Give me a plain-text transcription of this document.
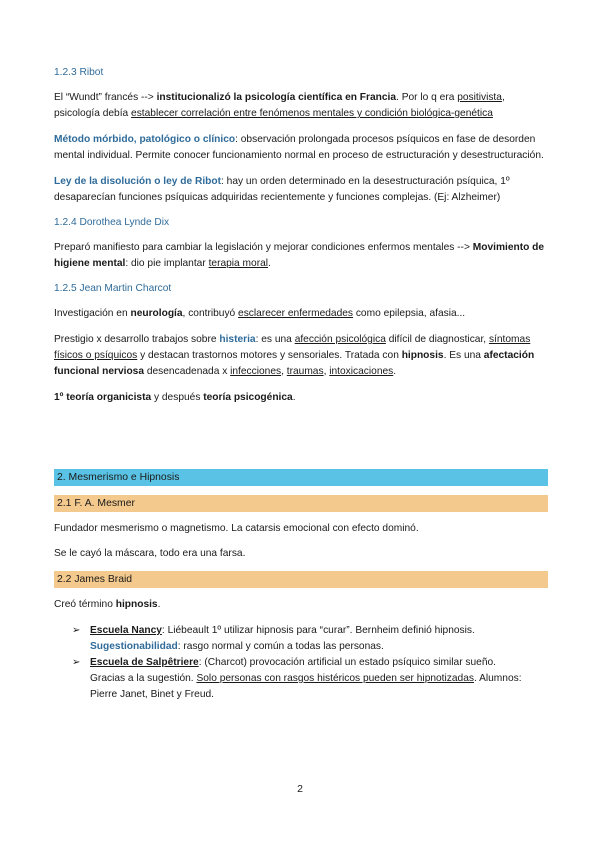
1.2.3 Ribot

El “Wundt” francés --> institucionalizó la psicología científica en Francia. Por lo q era positivista, psicología debía establecer correlación entre fenómenos mentales y condición biológica-genética

Método mórbido, patológico o clínico: observación prolongada procesos psíquicos en fase de desorden mental individual. Permite conocer funcionamiento normal en proceso de estructuración y desestructuración.

Ley de la disolución o ley de Ribot: hay un orden determinado en la desestructuración psíquica, 1º desaparecían funciones psíquicas adquiridas recientemente y funciones complejas. (Ej: Alzheimer)

1.2.4 Dorothea Lynde Dix

Preparó manifiesto para cambiar la legislación y mejorar condiciones enfermos mentales --> Movimiento de higiene mental: dio pie implantar terapia moral.

1.2.5 Jean Martin Charcot

Investigación en neurología, contribuyó esclarecer enfermedades como epilepsia, afasia...

Prestigio x desarrollo trabajos sobre histeria: es una afección psicológica difícil de diagnosticar, síntomas físicos o psíquicos y destacan trastornos motores y sensoriales. Tratada con hipnosis. Es una afectación funcional nerviosa desencadenada x infecciones, traumas, intoxicaciones.

1º teoría organicista y después teoría psicogénica.

2. Mesmerismo e Hipnosis
2.1 F. A. Mesmer
Fundador mesmerismo o magnetismo. La catarsis emocional con efecto dominó.
Se le cayó la máscara, todo era una farsa.
2.2 James Braid
Creó término hipnosis.
➢ Escuela Nancy: Liébeault 1º utilizar hipnosis para “curar”. Bernheim definió hipnosis. Sugestionabilidad: rasgo normal y común a todas las personas.
➢ Escuela de Salpêtriere: (Charcot) provocación artificial un estado psíquico similar sueño. Gracias a la sugestión. Solo personas con rasgos histéricos pueden ser hipnotizadas. Alumnos: Pierre Janet, Binet y Freud.
2
